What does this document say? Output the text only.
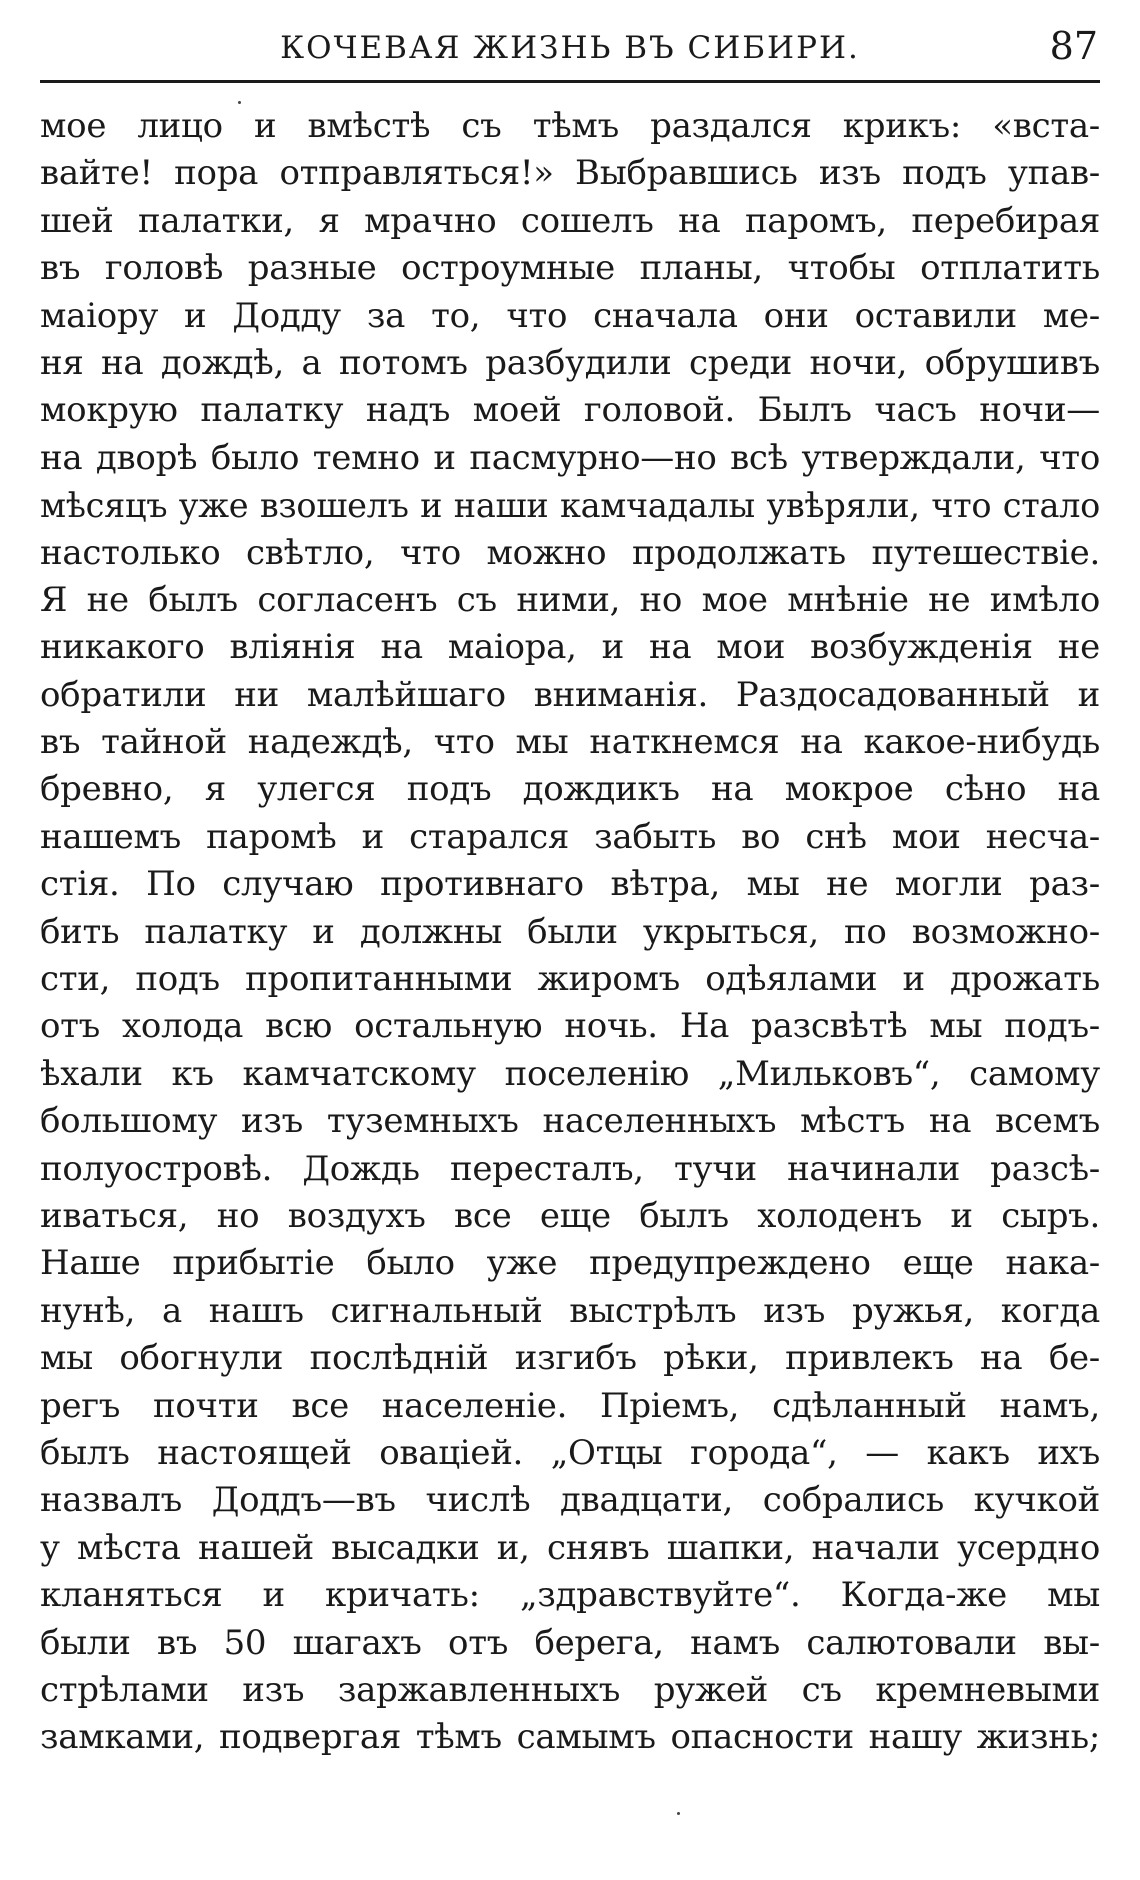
КОЧЕВАЯ ЖИЗНЬ ВЪ СИБИРИ.	87
мое лицо и вмѣстѣ съ тѣмъ раздался крикъ: «вста-
вайте! пора отправляться!» Выбравшись изъ подъ упав-
шей палатки, я мрачно сошелъ на паромъ, перебирая
въ головѣ разные остроумные планы, чтобы отплатить
маіору и Додду за то, что сначала они оставили ме-
ня на дождѣ, а потомъ разбудили среди ночи, обрушивъ
мокрую палатку надъ моей головой. Былъ часъ ночи—
на дворѣ было темно и пасмурно—но всѣ утверждали, что
мѣсяцъ уже взошелъ и наши камчадалы увѣряли, что стало
настолько свѣтло, что можно продолжать путешествіе.
Я не былъ согласенъ съ ними, но мое мнѣніе не имѣло
никакого вліянія на маіора, и на мои возбужденія не
обратили ни малѣйшаго вниманія. Раздосадованный и
въ тайной надеждѣ, что мы наткнемся на какое-нибудь
бревно, я улегся подъ дождикъ на мокрое сѣно на
нашемъ паромѣ и старался забыть во снѣ мои несча-
стія. По случаю противнаго вѣтра, мы не могли раз-
бить палатку и должны были укрыться, по возможно-
сти, подъ пропитанными жиромъ одѣялами и дрожать
отъ холода всю остальную ночь. На разсвѣтѣ мы подъ-
ѣхали къ камчатскому поселенію „Мильковъ“, самому
большому изъ туземныхъ населенныхъ мѣстъ на всемъ
полуостровѣ. Дождь пересталъ, тучи начинали разсѣ-
иваться, но воздухъ все еще былъ холоденъ и сыръ.
Наше прибытіе было уже предупреждено еще нака-
нунѣ, а нашъ сигнальный выстрѣлъ изъ ружья, когда
мы обогнули послѣдній изгибъ рѣки, привлекъ на бе-
регъ почти все населеніе. Пріемъ, сдѣланный намъ,
былъ настоящей оваціей. „Отцы города“, — какъ ихъ
назвалъ Доддъ—въ числѣ двадцати, собрались кучкой
у мѣста нашей высадки и, снявъ шапки, начали усердно
кланяться и кричать: „здравствуйте“. Когда-же мы
были въ 50 шагахъ отъ берега, намъ салютовали вы-
стрѣлами изъ заржавленныхъ ружей съ кремневыми
замками, подвергая тѣмъ самымъ опасности нашу жизнь;
